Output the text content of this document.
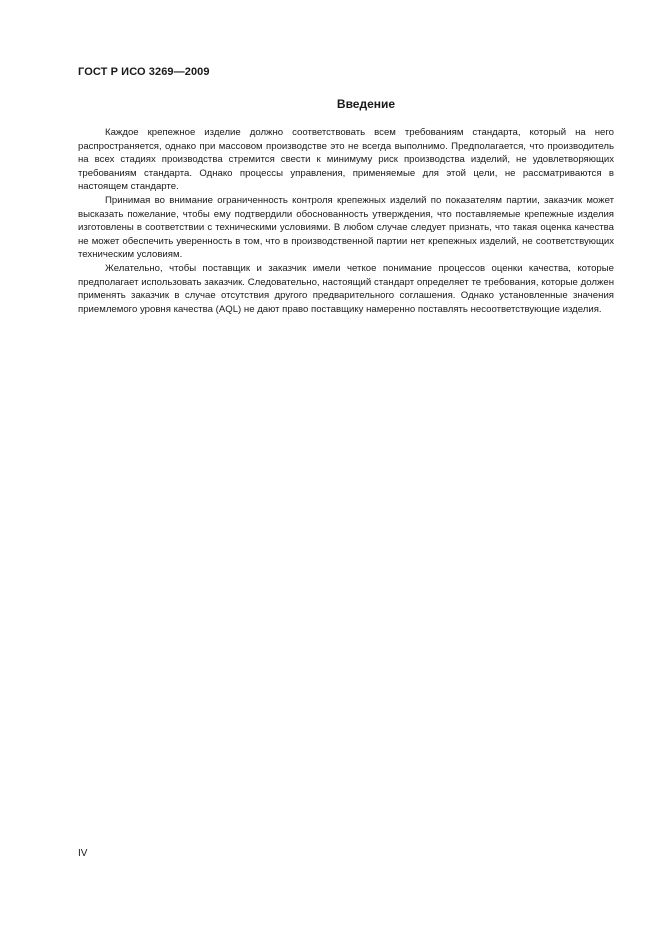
ГОСТ Р ИСО 3269—2009
Введение

Каждое крепежное изделие должно соответствовать всем требованиям стандарта, который на него распространяется, однако при массовом производстве это не всегда выполнимо. Предполагается, что производитель на всех стадиях производства стремится свести к минимуму риск производства изделий, не удовлетворяющих требованиям стандарта. Однако процессы управления, применяемые для этой цели, не рассматриваются в настоящем стандарте.

Принимая во внимание ограниченность контроля крепежных изделий по показателям партии, заказчик может высказать пожелание, чтобы ему подтвердили обоснованность утверждения, что поставляемые крепежные изделия изготовлены в соответствии с техническими условиями. В любом случае следует признать, что такая оценка качества не может обеспечить уверенность в том, что в производственной партии нет крепежных изделий, не соответствующих техническим условиям.

Желательно, чтобы поставщик и заказчик имели четкое понимание процессов оценки качества, которые предполагает использовать заказчик. Следовательно, настоящий стандарт определяет те требования, которые должен применять заказчик в случае отсутствия другого предварительного соглашения. Однако установленные значения приемлемого уровня качества (AQL) не дают право поставщику намеренно поставлять несоответствующие изделия.

IV
